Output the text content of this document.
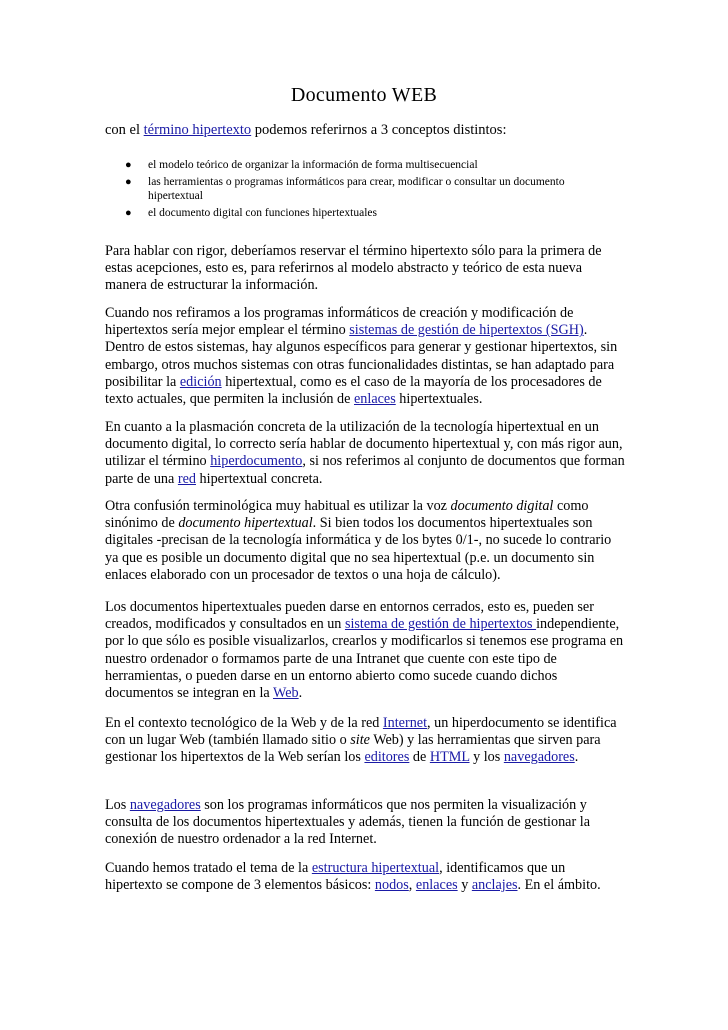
Documento WEB
con el término hipertexto podemos referirnos a 3 conceptos distintos:
● el modelo teórico de organizar la información de forma multisecuencial
● las herramientas o programas informáticos para crear, modificar o consultar un documento hipertextual
● el documento digital con funciones hipertextuales

Para hablar con rigor, deberíamos reservar el término hipertexto sólo para la primera de estas acepciones, esto es, para referirnos al modelo abstracto y teórico de esta nueva manera de estructurar la información.

Cuando nos refiramos a los programas informáticos de creación y modificación de hipertextos sería mejor emplear el término sistemas de gestión de hipertextos (SGH). Dentro de estos sistemas, hay algunos específicos para generar y gestionar hipertextos, sin embargo, otros muchos sistemas con otras funcionalidades distintas, se han adaptado para posibilitar la edición hipertextual, como es el caso de la mayoría de los procesadores de texto actuales, que permiten la inclusión de enlaces hipertextuales.

En cuanto a la plasmación concreta de la utilización de la tecnología hipertextual en un documento digital, lo correcto sería hablar de documento hipertextual y, con más rigor aun, utilizar el término hiperdocumento, si nos referimos al conjunto de documentos que forman parte de una red hipertextual concreta.

Otra confusión terminológica muy habitual es utilizar la voz documento digital como sinónimo de documento hipertextual. Si bien todos los documentos hipertextuales son digitales -precisan de la tecnología informática y de los bytes 0/1-, no sucede lo contrario ya que es posible un documento digital que no sea hipertextual (p.e. un documento sin enlaces elaborado con un procesador de textos o una hoja de cálculo).

Los documentos hipertextuales pueden darse en entornos cerrados, esto es, pueden ser creados, modificados y consultados en un sistema de gestión de hipertextos independiente, por lo que sólo es posible visualizarlos, crearlos y modificarlos si tenemos ese programa en nuestro ordenador o formamos parte de una Intranet que cuente con este tipo de herramientas, o pueden darse en un entorno abierto como sucede cuando dichos documentos se integran en la Web.

En el contexto tecnológico de la Web y de la red Internet, un hiperdocumento se identifica con un lugar Web (también llamado sitio o site Web) y las herramientas que sirven para gestionar los hipertextos de la Web serían los editores de HTML y los navegadores.

Los navegadores son los programas informáticos que nos permiten la visualización y consulta de los documentos hipertextuales y además, tienen la función de gestionar la conexión de nuestro ordenador a la red Internet.

Cuando hemos tratado el tema de la estructura hipertextual, identificamos que un hipertexto se compone de 3 elementos básicos: nodos, enlaces y anclajes. En el ámbito.
